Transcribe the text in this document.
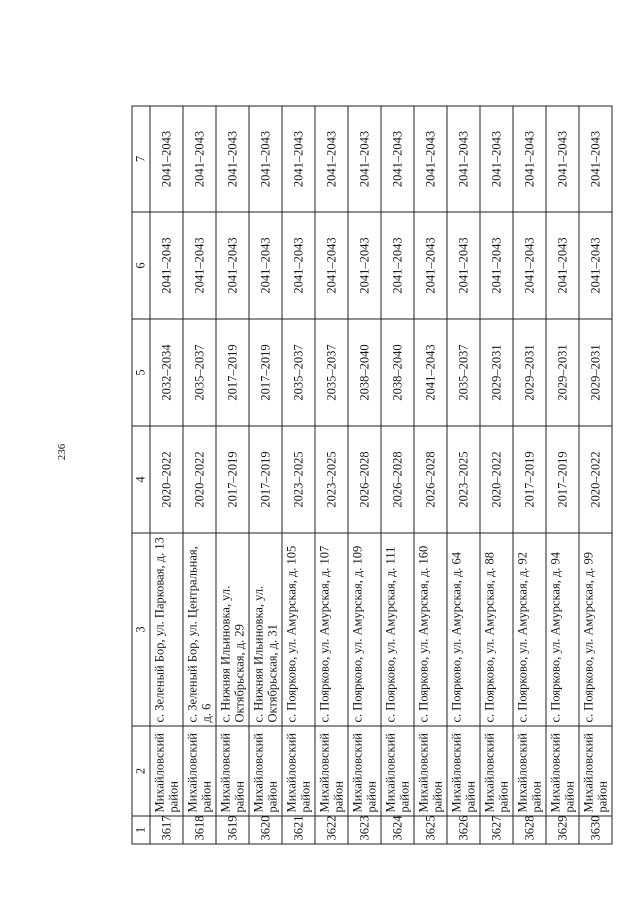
236
1	2	3	4	5	6	7
3617	Михайловский район	с. Зеленый Бор, ул. Парковая, д. 13	2020–2022	2032–2034	2041–2043	2041–2043
3618	Михайловский район	с. Зеленый Бор, ул. Центральная, д. 6	2020–2022	2035–2037	2041–2043	2041–2043
3619	Михайловский район	с. Нижняя Ильиновка, ул. Октябрьская, д. 29	2017–2019	2017–2019	2041–2043	2041–2043
3620	Михайловский район	с. Нижняя Ильиновка, ул. Октябрьская, д. 31	2017–2019	2017–2019	2041–2043	2041–2043
3621	Михайловский район	с. Поярково, ул. Амурская, д. 105	2023–2025	2035–2037	2041–2043	2041–2043
3622	Михайловский район	с. Поярково, ул. Амурская, д. 107	2023–2025	2035–2037	2041–2043	2041–2043
3623	Михайловский район	с. Поярково, ул. Амурская, д. 109	2026–2028	2038–2040	2041–2043	2041–2043
3624	Михайловский район	с. Поярково, ул. Амурская, д. 111	2026–2028	2038–2040	2041–2043	2041–2043
3625	Михайловский район	с. Поярково, ул. Амурская, д. 160	2026–2028	2041–2043	2041–2043	2041–2043
3626	Михайловский район	с. Поярково, ул. Амурская, д. 64	2023–2025	2035–2037	2041–2043	2041–2043
3627	Михайловский район	с. Поярково, ул. Амурская, д. 88	2020–2022	2029–2031	2041–2043	2041–2043
3628	Михайловский район	с. Поярково, ул. Амурская, д. 92	2017–2019	2029–2031	2041–2043	2041–2043
3629	Михайловский район	с. Поярково, ул. Амурская, д. 94	2017–2019	2029–2031	2041–2043	2041–2043
3630	Михайловский район	с. Поярково, ул. Амурская, д. 99	2020–2022	2029–2031	2041–2043	2041–2043
